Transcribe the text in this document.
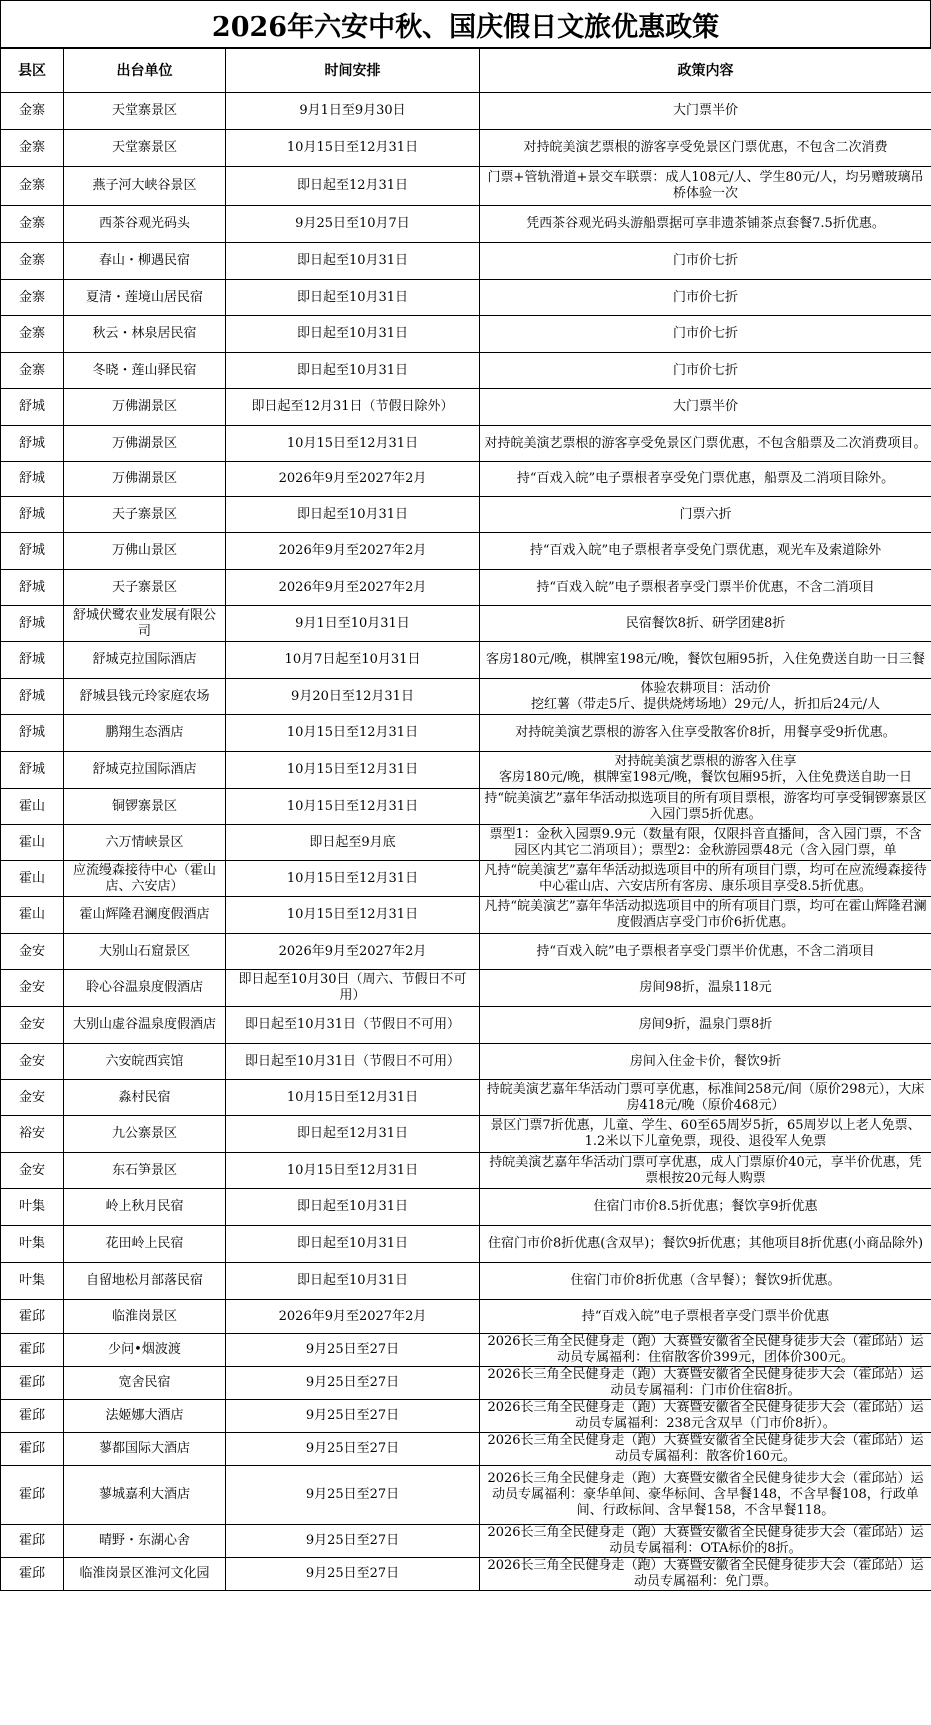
2026年六安中秋、国庆假日文旅优惠政策
县区	出台单位	时间安排	政策内容
金寨	天堂寨景区	9月1日至9月30日	大门票半价
金寨	天堂寨景区	10月15日至12月31日	对持皖美演艺票根的游客享受免景区门票优惠，不包含二次消费
金寨	燕子河大峡谷景区	即日起至12月31日	门票+管轨滑道+景交车联票：成人108元/人、学生80元/人，均另赠玻璃吊桥体验一次
金寨	西茶谷观光码头	9月25日至10月7日	凭西茶谷观光码头游船票据可享非遗茶铺茶点套餐7.5折优惠。
金寨	春山・柳遇民宿	即日起至10月31日	门市价七折
金寨	夏清・莲境山居民宿	即日起至10月31日	门市价七折
金寨	秋云・林泉居民宿	即日起至10月31日	门市价七折
金寨	冬晓・莲山驿民宿	即日起至10月31日	门市价七折
舒城	万佛湖景区	即日起至12月31日（节假日除外）	大门票半价
舒城	万佛湖景区	10月15日至12月31日	对持皖美演艺票根的游客享受免景区门票优惠，不包含船票及二次消费项目。
舒城	万佛湖景区	2026年9月至2027年2月	持“百戏入皖”电子票根者享受免门票优惠，船票及二消项目除外。
舒城	天子寨景区	即日起至10月31日	门票六折
舒城	万佛山景区	2026年9月至2027年2月	持“百戏入皖”电子票根者享受免门票优惠，观光车及索道除外
舒城	天子寨景区	2026年9月至2027年2月	持“百戏入皖”电子票根者享受门票半价优惠，不含二消项目
舒城	舒城伏鹭农业发展有限公司	9月1日至10月31日	民宿餐饮8折、研学团建8折
舒城	舒城克拉国际酒店	10月7日起至10月31日	客房180元/晚，棋牌室198元/晚，餐饮包厢95折，入住免费送自助一日三餐
舒城	舒城县钱元玲家庭农场	9月20日至12月31日	体验农耕项目：活动价
挖红薯（带走5斤、提供烧烤场地）29元/人，折扣后24元/人
舒城	鹏翔生态酒店	10月15日至12月31日	对持皖美演艺票根的游客入住享受散客价8折，用餐享受9折优惠。
舒城	舒城克拉国际酒店	10月15日至12月31日	对持皖美演艺票根的游客入住享
客房180元/晚，棋牌室198元/晚，餐饮包厢95折，入住免费送自助一日
霍山	铜锣寨景区	10月15日至12月31日	持“皖美演艺”嘉年华活动拟选项目的所有项目票根，游客均可享受铜锣寨景区入园门票5折优惠。
霍山	六万情峡景区	即日起至9月底	票型1：金秋入园票9.9元（数量有限，仅限抖音直播间，含入园门票，不含园区内其它二消项目）；票型2：金秋游园票48元（含入园门票，单
霍山	应流缦森接待中心（霍山店、六安店）	10月15日至12月31日	凡持“皖美演艺”嘉年华活动拟选项目中的所有项目门票，均可在应流缦森接待中心霍山店、六安店所有客房、康乐项目享受8.5折优惠。
霍山	霍山辉隆君澜度假酒店	10月15日至12月31日	凡持“皖美演艺”嘉年华活动拟选项目中的所有项目门票，均可在霍山辉隆君澜度假酒店享受门市价6折优惠。
金安	大别山石窟景区	2026年9月至2027年2月	持“百戏入皖”电子票根者享受门票半价优惠，不含二消项目
金安	聆心谷温泉度假酒店	即日起至10月30日（周六、节假日不可用）	房间98折，温泉118元
金安	大别山虚谷温泉度假酒店	即日起至10月31日（节假日不可用）	房间9折，温泉门票8折
金安	六安皖西宾馆	即日起至10月31日（节假日不可用）	房间入住金卡价，餐饮9折
金安	淼村民宿	10月15日至12月31日	持皖美演艺嘉年华活动门票可享优惠，标准间258元/间（原价298元），大床房418元/晚（原价468元）
裕安	九公寨景区	即日起至12月31日	景区门票7折优惠，儿童、学生、60至65周岁5折，65周岁以上老人免票、1.2米以下儿童免票，现役、退役军人免票
金安	东石笋景区	10月15日至12月31日	持皖美演艺嘉年华活动门票可享优惠，成人门票原价40元，享半价优惠，凭票根按20元每人购票
叶集	岭上秋月民宿	即日起至10月31日	住宿门市价8.5折优惠；餐饮享9折优惠
叶集	花田岭上民宿	即日起至10月31日	住宿门市价8折优惠(含双早)；餐饮9折优惠；其他项目8折优惠(小商品除外)
叶集	自留地松月部落民宿	即日起至10月31日	住宿门市价8折优惠（含早餐）；餐饮9折优惠。
霍邱	临淮岗景区	2026年9月至2027年2月	持“百戏入皖”电子票根者享受门票半价优惠
霍邱	少问•烟波渡	9月25日至27日	2026长三角全民健身走（跑）大赛暨安徽省全民健身徒步大会（霍邱站）运动员专属福利：住宿散客价399元，团体价300元。
霍邱	宽舍民宿	9月25日至27日	2026长三角全民健身走（跑）大赛暨安徽省全民健身徒步大会（霍邱站）运动员专属福利：门市价住宿8折。
霍邱	法姬娜大酒店	9月25日至27日	2026长三角全民健身走（跑）大赛暨安徽省全民健身徒步大会（霍邱站）运动员专属福利：238元含双早（门市价8折）。
霍邱	蓼都国际大酒店	9月25日至27日	2026长三角全民健身走（跑）大赛暨安徽省全民健身徒步大会（霍邱站）运动员专属福利：散客价160元。
霍邱	蓼城嘉利大酒店	9月25日至27日	2026长三角全民健身走（跑）大赛暨安徽省全民健身徒步大会（霍邱站）运动员专属福利：豪华单间、豪华标间、含早餐148，不含早餐108，行政单间、行政标间、含早餐158，不含早餐118。
霍邱	晴野・东湖心舍	9月25日至27日	2026长三角全民健身走（跑）大赛暨安徽省全民健身徒步大会（霍邱站）运动员专属福利：OTA标价的8折。
霍邱	临淮岗景区淮河文化园	9月25日至27日	2026长三角全民健身走（跑）大赛暨安徽省全民健身徒步大会（霍邱站）运动员专属福利：免门票。
